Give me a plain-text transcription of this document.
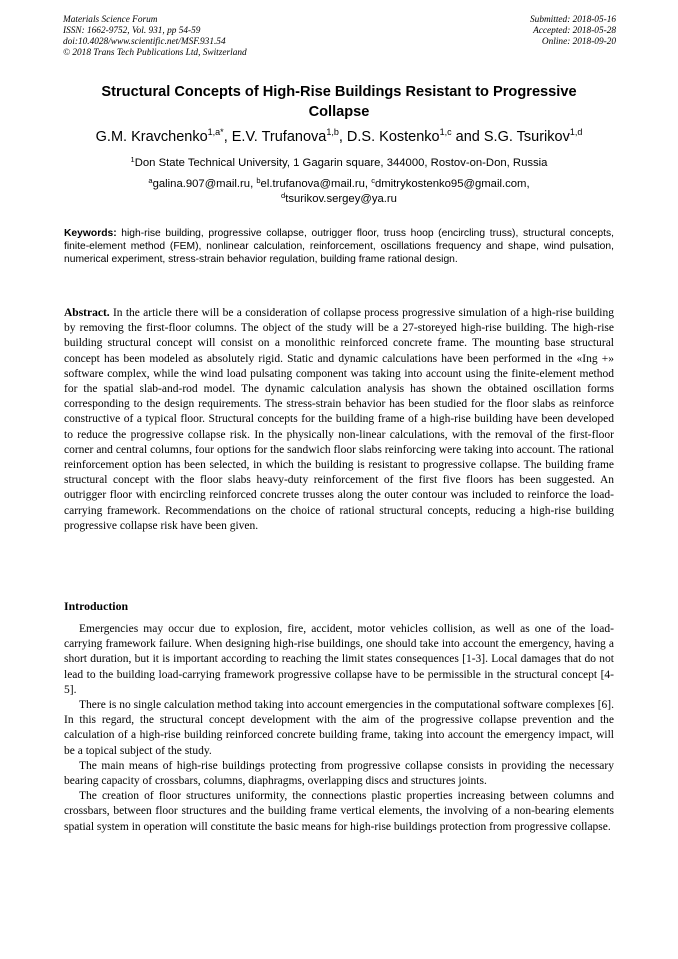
Materials Science Forum
ISSN: 1662-9752, Vol. 931, pp 54-59
doi:10.4028/www.scientific.net/MSF.931.54
© 2018 Trans Tech Publications Ltd, Switzerland
Submitted: 2018-05-16
Accepted: 2018-05-28
Online: 2018-09-20
Structural Concepts of High-Rise Buildings Resistant to Progressive Collapse
G.M. Kravchenko$^{1,a*}$, E.V. Trufanova$^{1,b}$, D.S. Kostenko$^{1,c}$ and S.G. Tsurikov$^{1,d}$
$^1$Don State Technical University, 1 Gagarin square, 344000, Rostov-on-Don, Russia
$^a$galina.907@mail.ru, $^b$el.trufanova@mail.ru, $^c$dmitrykostenko95@gmail.com,
$^d$tsurikov.sergey@ya.ru
Keywords: high-rise building, progressive collapse, outrigger floor, truss hoop (encircling truss), structural concepts, finite-element method (FEM), nonlinear calculation, reinforcement, oscillations frequency and shape, wind pulsation, numerical experiment, stress-strain behavior regulation, building frame rational design.
Abstract. In the article there will be a consideration of collapse process progressive simulation of a high-rise building by removing the first-floor columns. The object of the study will be a 27-storeyed high-rise building. The high-rise building structural concept will consist on a monolithic reinforced concrete frame. The mounting base structural concept has been modeled as absolutely rigid. Static and dynamic calculations have been performed in the «Ing +» software complex, while the wind load pulsating component was taking into account using the finite-element method for the spatial slab-and-rod model. The dynamic calculation analysis has shown the obtained oscillation forms corresponding to the design requirements. The stress-strain behavior has been studied for the floor slabs as reinforce constructive of a typical floor. Structural concepts for the building frame of a high-rise building have been developed to reduce the progressive collapse risk. In the physically non-linear calculations, with the removal of the first-floor corner and central columns, four options for the sandwich floor slabs reinforcing were taking into account. The rational reinforcement option has been selected, in which the building is resistant to progressive collapse. The building frame structural concept with the floor slabs heavy-duty reinforcement of the first five floors has been suggested. An outrigger floor with encircling reinforced concrete trusses along the outer contour was included to reinforce the load-carrying framework. Recommendations on the choice of rational structural concepts, reducing a high-rise building progressive collapse risk have been given.
Introduction

Emergencies may occur due to explosion, fire, accident, motor vehicles collision, as well as one of the load-carrying framework failure. When designing high-rise buildings, one should take into account the emergency, having a short duration, but it is important according to reaching the limit states consequences [1-3]. Local damages that do not lead to the building load-carrying framework progressive collapse have to be permissible in the structural concept [4-5].

There is no single calculation method taking into account emergencies in the computational software complexes [6]. In this regard, the structural concept development with the aim of the progressive collapse prevention and the calculation of a high-rise building reinforced concrete building frame, taking into account the emergency impact, will be a topical subject of the study.

The main means of high-rise buildings protecting from progressive collapse consists in providing the necessary bearing capacity of crossbars, columns, diaphragms, overlapping discs and structures joints.

The creation of floor structures uniformity, the connections plastic properties increasing between columns and crossbars, between floor structures and the building frame vertical elements, the involving of a non-bearing elements spatial system in operation will constitute the basic means for high-rise buildings protection from progressive collapse.
